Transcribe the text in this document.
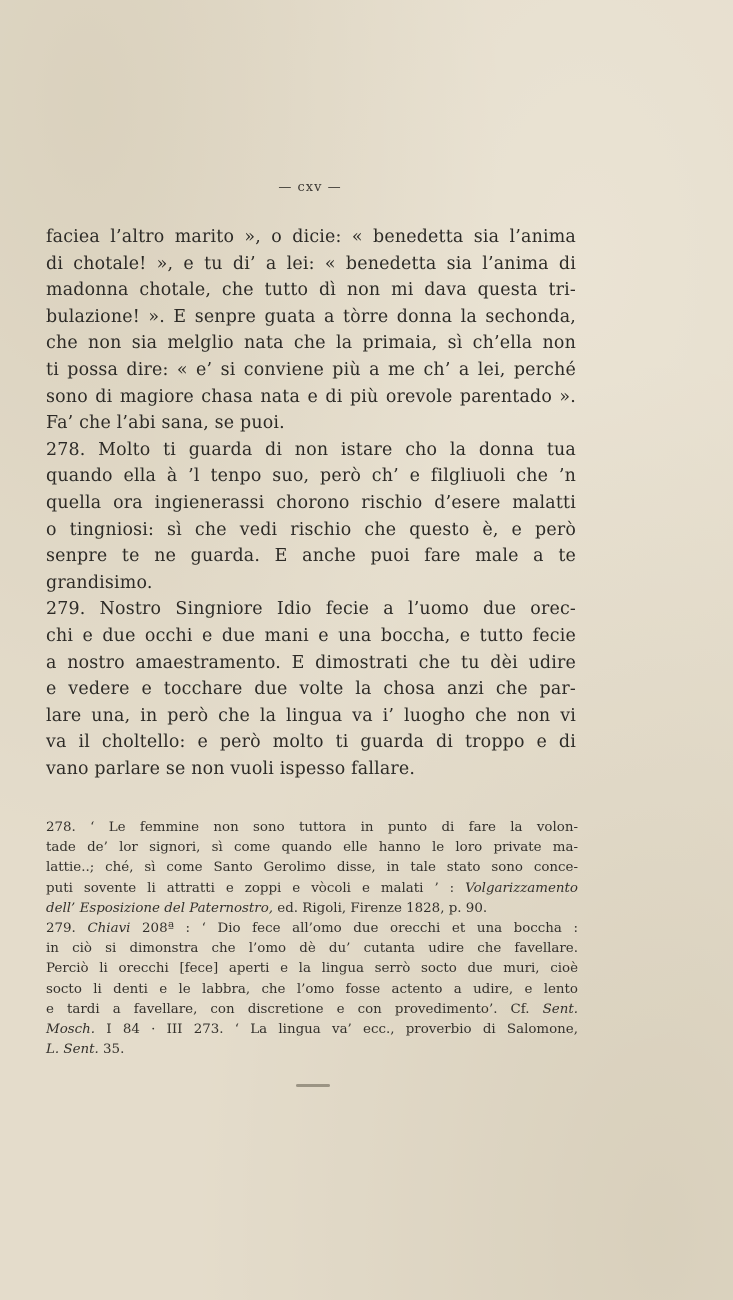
— cxv —
faciea l’altro marito », o dicie: « benedetta sia l’anima
di chotale! », e tu di’ a lei: « benedetta sia l’anima di
madonna chotale, che tutto dì non mi dava questa tri-
bulazione! ». E senpre guata a tòrre donna la sechonda,
che non sia melglio nata che la primaia, sì ch’ella non
ti possa dire: « e’ si conviene più a me ch’ a lei, perché
sono di magiore chasa nata e di più orevole parentado ».
Fa’ che l’abi sana, se puoi.
278. Molto ti guarda di non istare cho la donna tua
quando ella à ’l tenpo suo, però ch’ e filgliuoli che ’n
quella ora ingienerassi chorono rischio d’esere malatti
o tingniosi: sì che vedi rischio che questo è, e però
senpre te ne guarda. E anche puoi fare male a te
grandisimo.
279. Nostro Singniore Idio fecie a l’uomo due orec-
chi e due occhi e due mani e una boccha, e tutto fecie
a nostro amaestramento. E dimostrati che tu dèi udire
e vedere e tocchare due volte la chosa anzi che par-
lare una, in però che la lingua va i’ luogho che non vi
va il choltello: e però molto ti guarda di troppo e di
vano parlare se non vuoli ispesso fallare.
278. ‘ Le femmine non sono tuttora in punto di fare la volon-
tade de’ lor signori, sì come quando elle hanno le loro private ma-
lattie..; ché, sì come Santo Gerolimo disse, in tale stato sono conce-
puti sovente li attratti e zoppi e vòcoli e malati ’ : Volgarizzamento
dell’ Esposizione del Paternostro, ed. Rigoli, Firenze 1828, p. 90.
279. Chiavi 208ª : ‘ Dio fece all’omo due orecchi et una boccha :
in ciò si dimonstra che l’omo dè du’ cutanta udire che favellare.
Perciò li orecchi [fece] aperti e la lingua serrò socto due muri, cioè
socto li denti e le labbra, che l’omo fosse actento a udire, e lento
e tardi a favellare, con discretione e con provedimento’. Cf. Sent.
Mosch. I 84 · III 273. ‘ La lingua va’ ecc., proverbio di Salomone,
L. Sent. 35.
